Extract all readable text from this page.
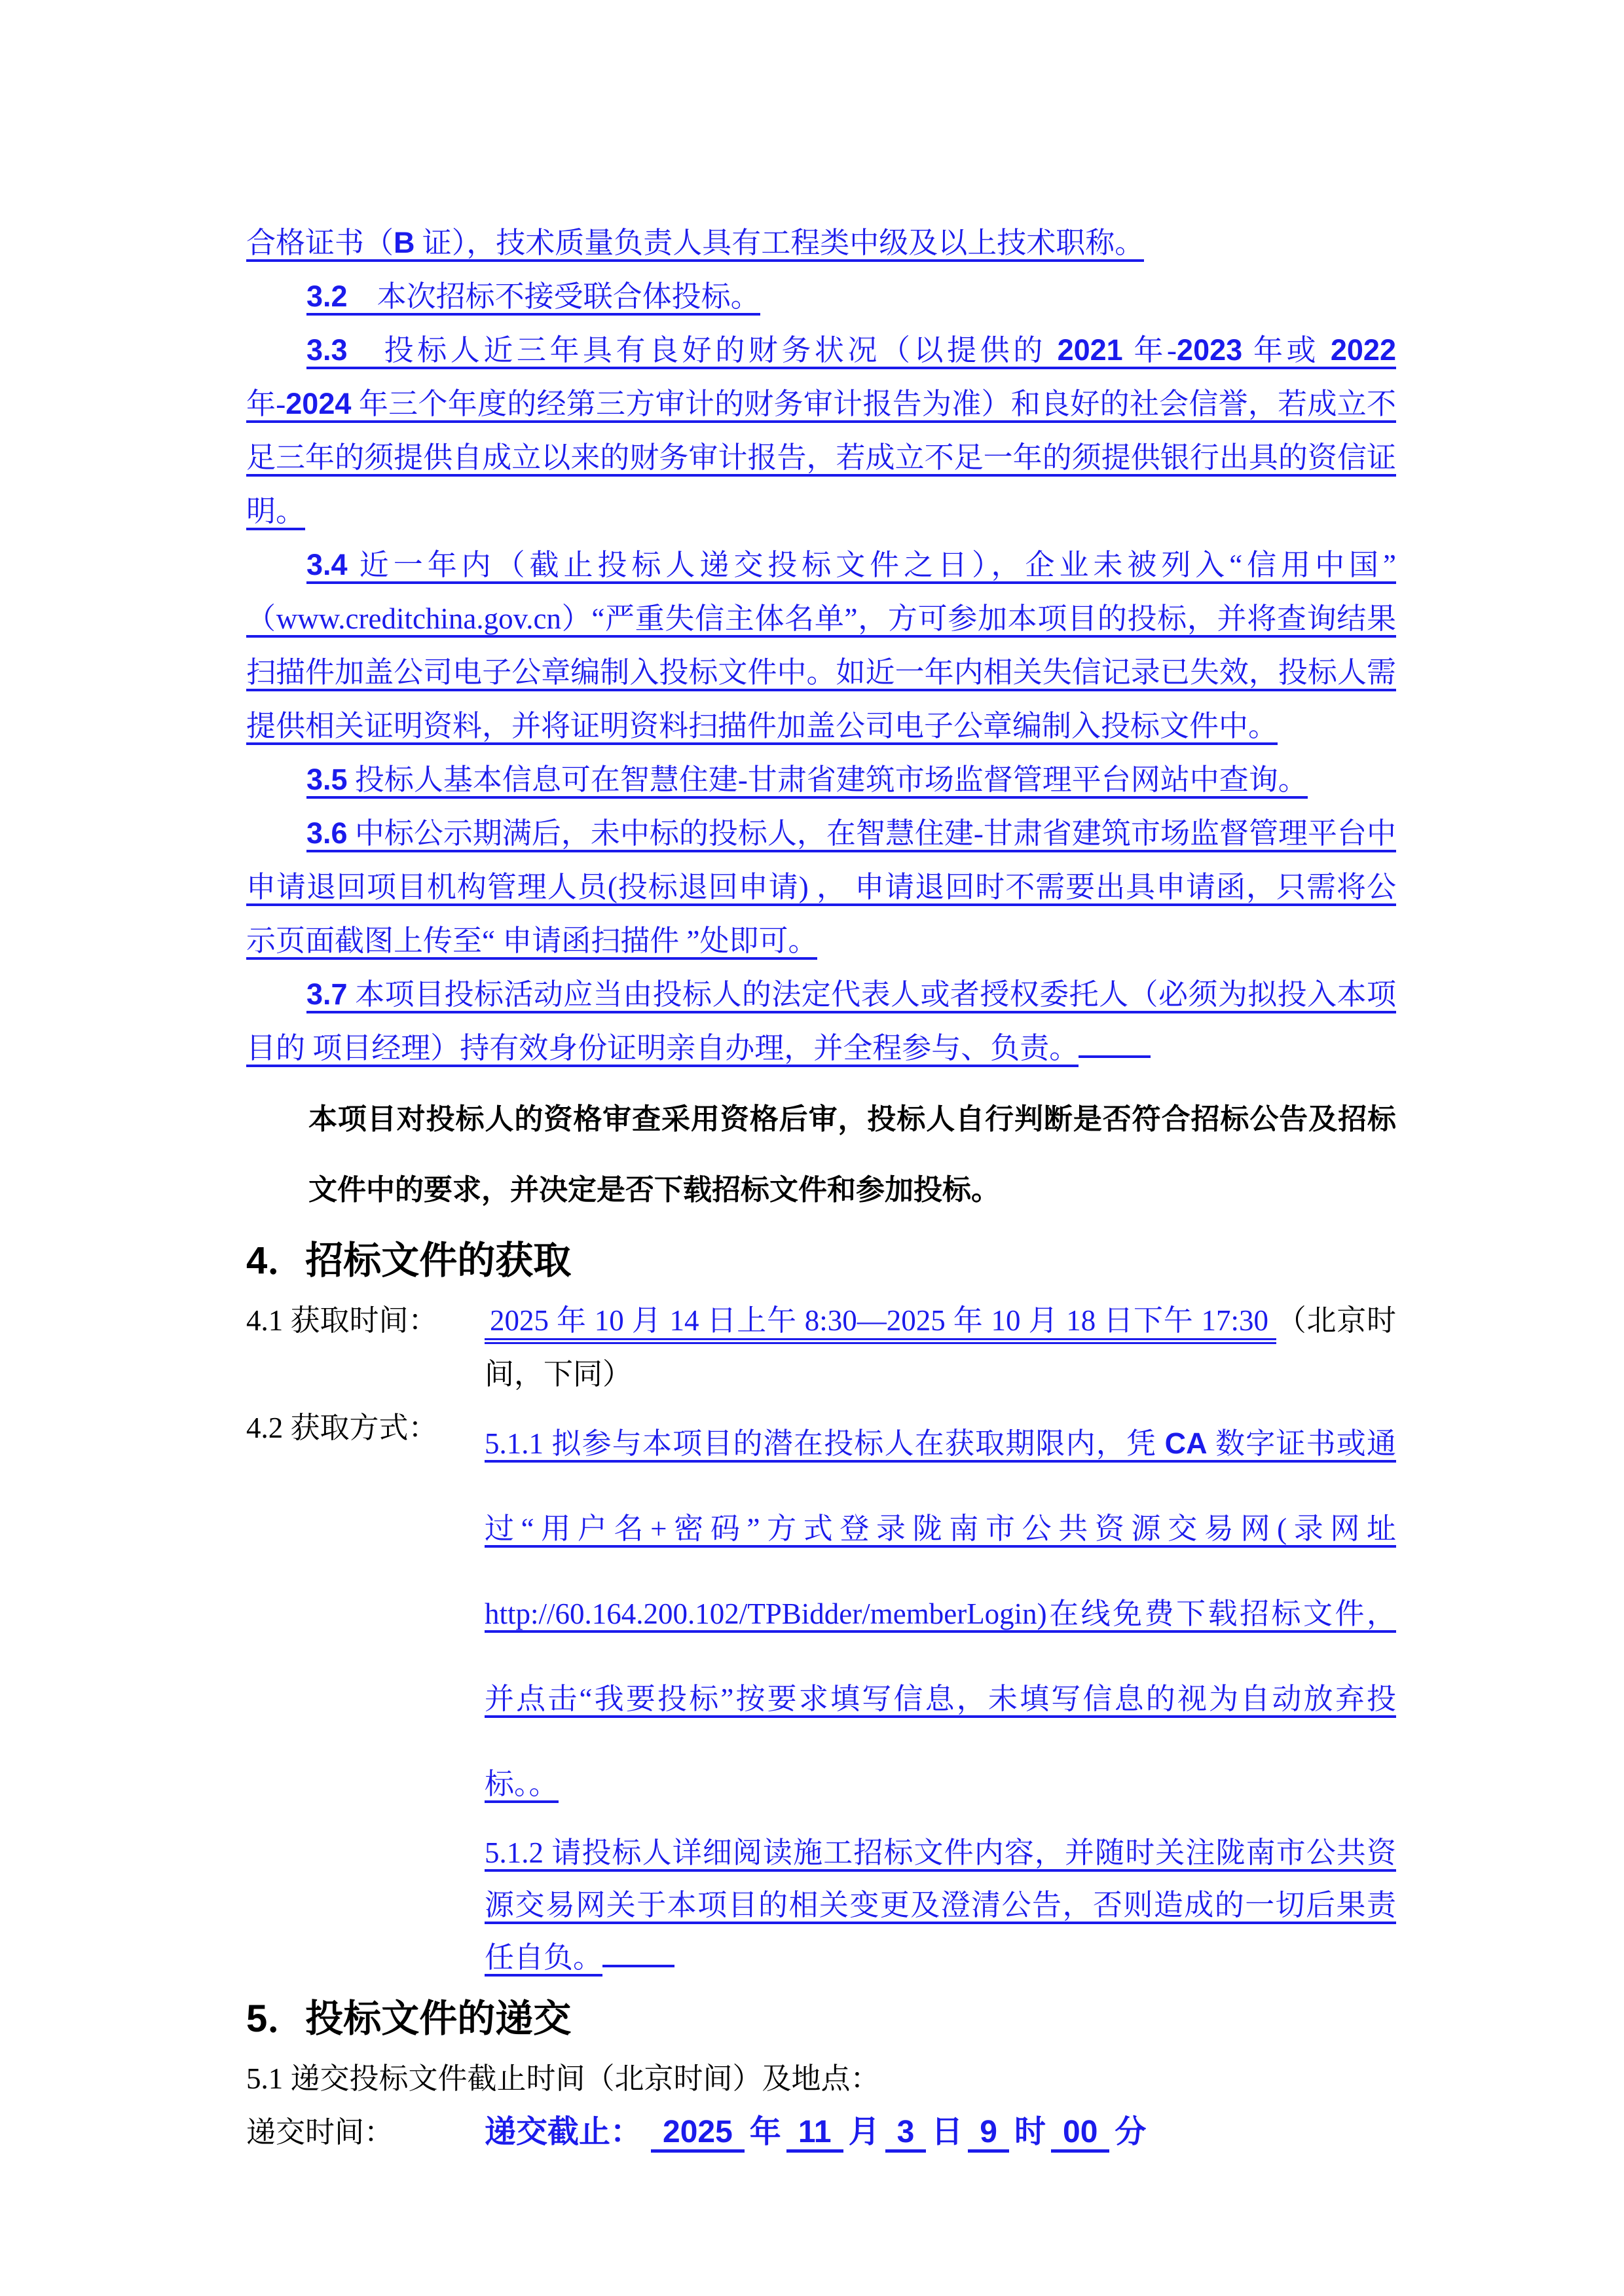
合格证书（B 证），技术质量负责人具有工程类中级及以上技术职称。

3.2　本次招标不接受联合体投标。

3.3　投标人近三年具有良好的财务状况（以提供的 2021 年-2023 年或 2022 年-2024 年三个年度的经第三方审计的财务审计报告为准）和良好的社会信誉，若成立不足三年的须提供自成立以来的财务审计报告，若成立不足一年的须提供银行出具的资信证明。

3.4 近一年内（截止投标人递交投标文件之日），企业未被列入“信用中国”（www.creditchina.gov.cn）“严重失信主体名单”，方可参加本项目的投标，并将查询结果扫描件加盖公司电子公章编制入投标文件中。如近一年内相关失信记录已失效，投标人需提供相关证明资料，并将证明资料扫描件加盖公司电子公章编制入投标文件中。

3.5 投标人基本信息可在智慧住建-甘肃省建筑市场监督管理平台网站中查询。

3.6 中标公示期满后，未中标的投标人，在智慧住建-甘肃省建筑市场监督管理平台中申请退回项目机构管理人员(投标退回申请) ， 申请退回时不需要出具申请函，只需将公示页面截图上传至“ 申请函扫描件 ”处即可。

3.7 本项目投标活动应当由投标人的法定代表人或者授权委托人（必须为拟投入本项目的 项目经理）持有效身份证明亲自办理，并全程参与、负责。

本项目对投标人的资格审查采用资格后审，投标人自行判断是否符合招标公告及招标文件中的要求，并决定是否下载招标文件和参加投标。

4．招标文件的获取
4.1 获取时间：	2025 年 10 月 14 日上午 8:30—2025 年 10 月 18 日下午 17:30 （北京时间，下同）
4.2 获取方式：	5.1.1 拟参与本项目的潜在投标人在获取期限内，凭 CA 数字证书或通过“用户名+密码”方式登录陇南市公共资源交易网(录网址http://60.164.200.102/TPBidder/memberLogin)在线免费下载招标文件，并点击“我要投标”按要求填写信息，未填写信息的视为自动放弃投标。。

5.1.2 请投标人详细阅读施工招标文件内容，并随时关注陇南市公共资源交易网关于本项目的相关变更及澄清公告，否则造成的一切后果责任自负。

5．投标文件的递交

5.1 递交投标文件截止时间（北京时间）及地点：

递交时间：	递交截止： 2025 年 11 月 3 日 9 时 00 分
